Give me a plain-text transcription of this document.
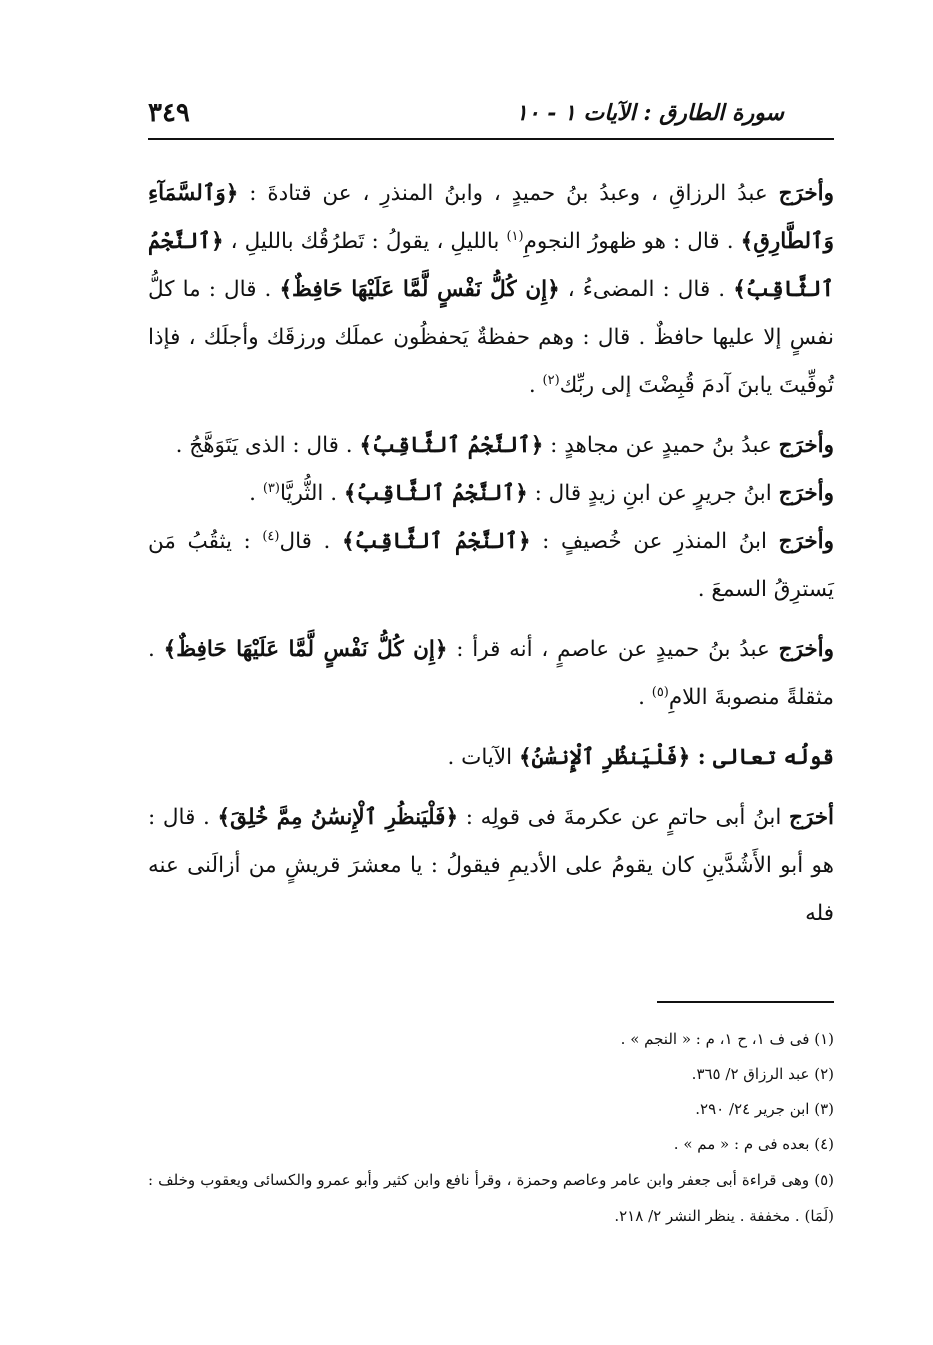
سورة الطارق : الآيات ١ - ١٠
٣٤٩

وأخرَج عبدُ الرزاقِ ، وعبدُ بنُ حميدٍ ، وابنُ المنذرِ ، عن قتادةَ : ﴿وَٱلسَّمَآءِ وَٱلطَّارِقِ﴾ . قال : هو ظهورُ النجومِ$^{(١)}$ بالليلِ ، يقولُ : تَطرُقُك بالليلِ ، ﴿ٱلنَّجْمُ ٱلثَّاقِبُ﴾ . قال : المضىءُ ، ﴿إِن كُلُّ نَفْسٍ لَّمَّا عَلَيْهَا حَافِظٌ﴾ . قال : ما كلُّ نفسٍ إلا عليها حافظٌ . قال : وهم حفظةٌ يَحفظُون عملَك ورزقَك وأجلَك ، فإذا تُوفِّيتَ يابنَ آدمَ قُبِضْتَ إلى ربِّك$^{(٢)}$ .

وأخرَج عبدُ بنُ حميدٍ عن مجاهدٍ : ﴿ٱلنَّجْمُ ٱلثَّاقِبُ﴾ . قال : الذى يَتَوَهَّجُ .

وأخرَج ابنُ جريرٍ عن ابنِ زيدٍ قال : ﴿ٱلنَّجْمُ ٱلثَّاقِبُ﴾ . الثُّريَّا$^{(٣)}$ .

وأخرَج ابنُ المنذرِ عن خُصيفٍ : ﴿ٱلنَّجْمُ ٱلثَّاقِبُ﴾ . قال$^{(٤)}$ : يثقُبُ مَن يَسترِقُ السمعَ .

وأخرَج عبدُ بنُ حميدٍ عن عاصمٍ ، أنه قرأ : ﴿إِن كُلُّ نَفْسٍ لَّمَّا عَلَيْهَا حَافِظٌ﴾ . مثقلةً منصوبةَ اللامِ$^{(٥)}$ .

قولُه تعالى : ﴿فَلْيَنظُرِ ٱلْإِنسَٰنُ﴾ الآيات .

أخرَج ابنُ أبى حاتمٍ عن عكرمةَ فى قولِه : ﴿فَلْيَنظُرِ ٱلْإِنسَٰنُ مِمَّ خُلِقَ﴾ . قال : هو أبو الأَشُدَّينِ كان يقومُ على الأديمِ فيقولُ : يا معشرَ قريشٍ من أزالَنى عنه فله

(١) فى ف ١، ح ١، م : « النجم » .

(٢) عبد الرزاق ٢/ ٣٦٥.

(٣) ابن جرير ٢٤/ ٢٩٠.

(٤) بعده فى م : « مم » .

(٥) وهى قراءة أبى جعفر وابن عامر وعاصم وحمزة ، وقرأ نافع وابن كثير وأبو عمرو والكسائى ويعقوب وخلف : (لَمَا) . مخففة . ينظر النشر ٢/ ٢١٨.
